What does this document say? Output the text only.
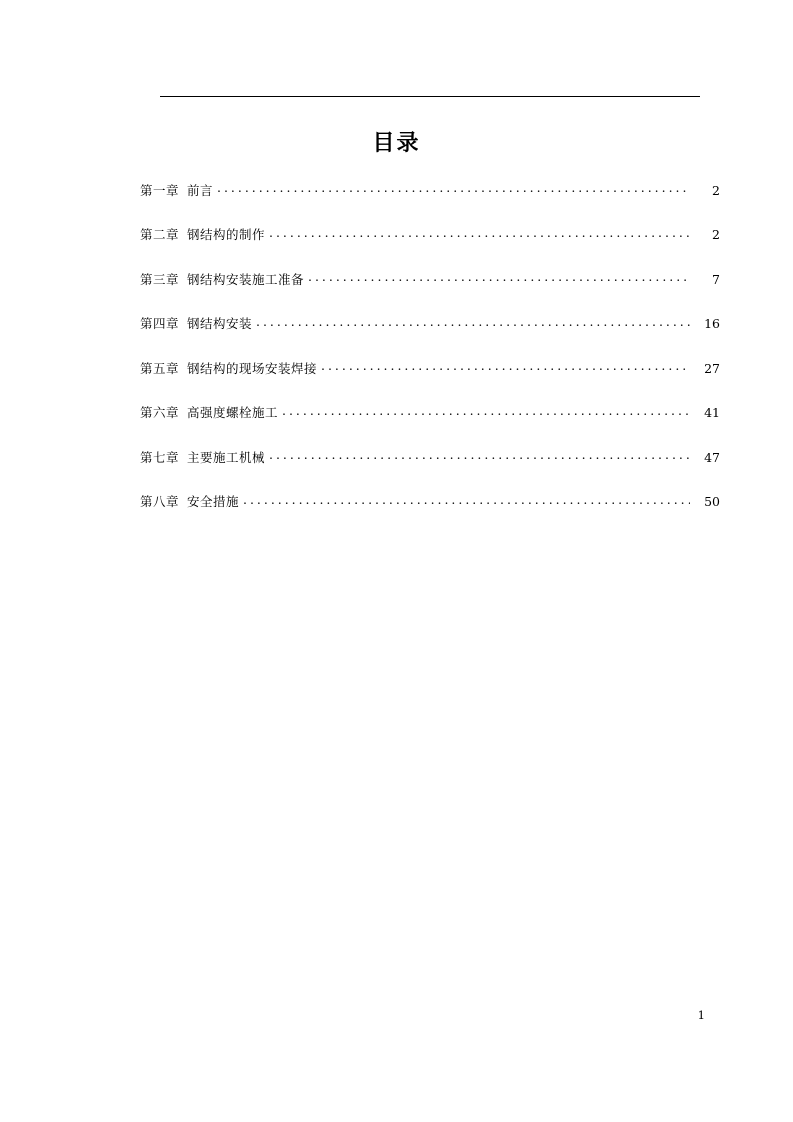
目录
第一章 前言 . . .	2
第二章 钢结构的制作 . . .	2
第三章 钢结构安装施工准备 . . .	7
第四章 钢结构安装 . . .	16
第五章 钢结构的现场安装焊接 . . .	27
第六章 高强度螺栓施工 . . .	41
第七章 主要施工机械 . . .	47
第八章 安全措施 . . .	50
1
